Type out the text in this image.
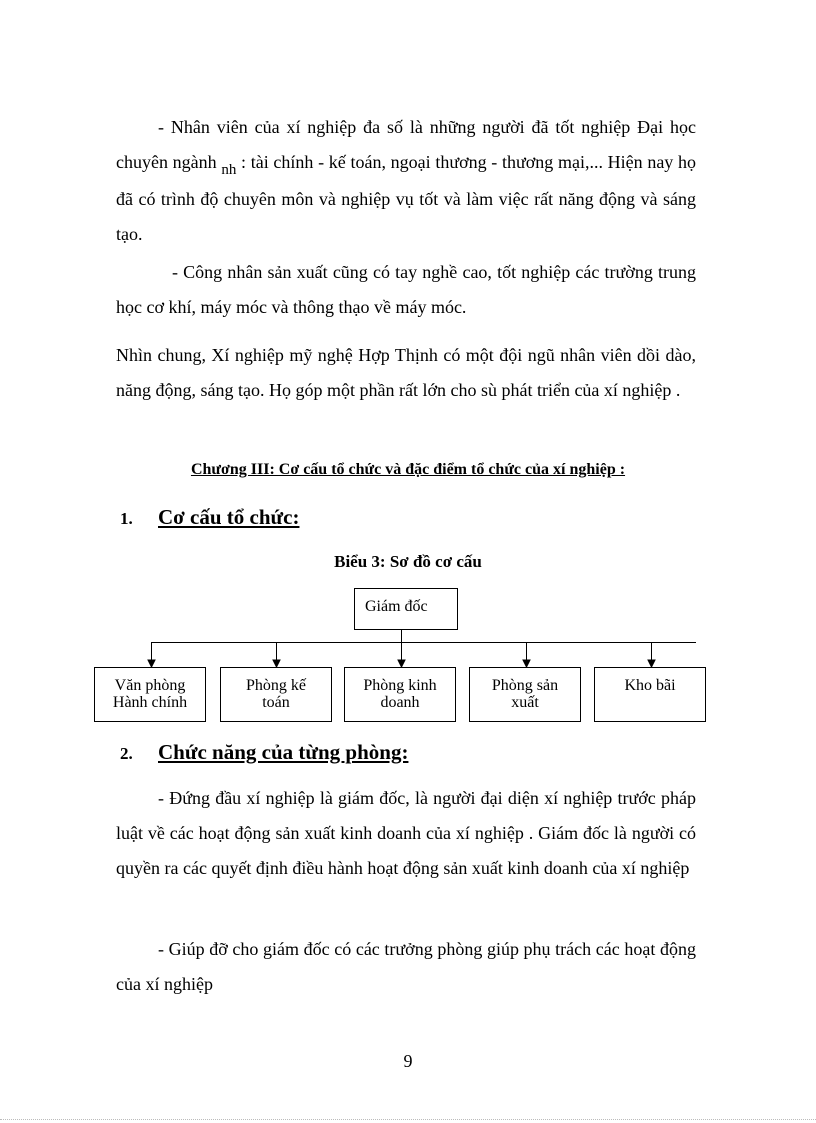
- Nhân viên của xí nghiệp đa số là những người đã tốt nghiệp Đại học chuyên ngành $_{nh}$ : tài chính - kế toán, ngoại thương - thương mại,... Hiện nay họ đã có trình độ chuyên môn và nghiệp vụ tốt và làm việc rất năng động và sáng tạo.

- Công nhân sản xuất cũng có tay nghề cao, tốt nghiệp các trường trung học cơ khí, máy móc và thông thạo về máy móc.

Nhìn chung, Xí nghiệp mỹ nghệ Hợp Thịnh có một đội ngũ nhân viên dồi dào, năng động, sáng tạo. Họ góp một phần rất lớn cho sù phát triển của xí nghiệp .

Chương III: Cơ cấu tổ chức và đặc điểm tổ chức của xí nghiệp :
1. Cơ cấu tổ chức:
Biểu 3: Sơ đồ cơ cấu
Giám đốc
Văn phòng
Hành chính
Phòng kế
toán
Phòng kinh
doanh
Phòng sản
xuất
Kho bãi
2. Chức năng của từng phòng:

- Đứng đầu xí nghiệp là giám đốc, là người đại diện xí nghiệp trước pháp luật về các hoạt động sản xuất kinh doanh của xí nghiệp . Giám đốc là người có quyền ra các quyết định điều hành hoạt động sản xuất kinh doanh của xí nghiệp

- Giúp đỡ cho giám đốc có các trưởng phòng giúp phụ trách các hoạt động của xí nghiệp

9
